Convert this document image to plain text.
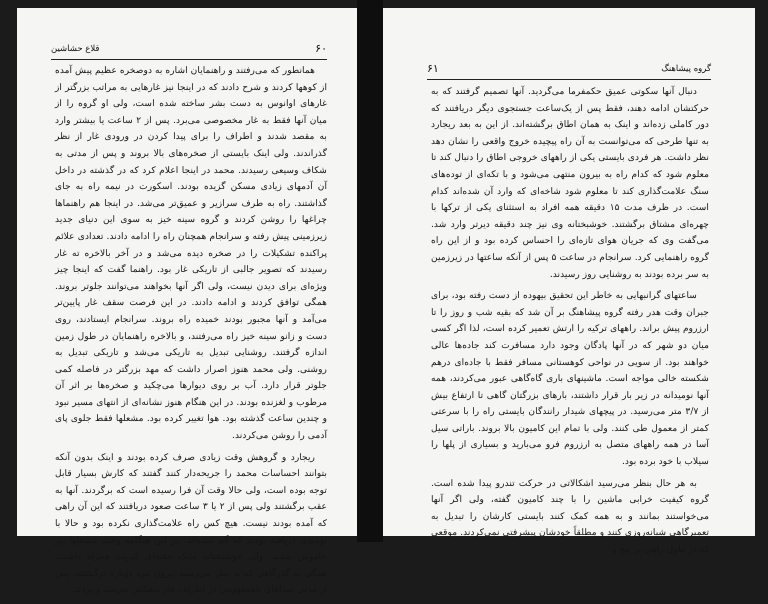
۶۰
قلاع حشاشین

همانطور که می‌رفتند و راهنمایان اشاره به دوصخره عظیم پیش آمده از کوهها کردند و شرح دادند که در اینجا نیز غارهایی به مراتب بزرگتر از غارهای اوانوس به دست بشر ساخته شده است، ولی او گروه را از میان آنها فقط به غار مخصوصی می‌برد. پس از ۲ ساعت یا بیشتر وارد به مقصد شدند و اطراف را برای پیدا کردن در ورودی غار از نظر گذراندند. ولی اینک بایستی از صخره‌های بالا بروند و پس از مدتی به شکاف وسیعی رسیدند. محمد در اینجا اعلام کرد که در گذشته در داخل آن آدمهای زیادی مسکن گزیده بودند. اسکورت در نیمه راه به جای گذاشتند. راه به طرف سرازیر و عمیق‌تر می‌شد. در اینجا هم راهنماها چراغها را روشن کردند و گروه سینه خیز به سوی این دنیای جدید زیرزمینی پیش رفته و سرانجام همچنان راه را ادامه دادند. تعدادی علائم پراکنده تشکیلات را در صخره دیده می‌شد و در آخر بالاخره ته غار رسیدند که تصویر جالبی از تاریکی غار بود. راهنما گفت که اینجا چیز ویژه‌ای برای دیدن نیست، ولی اگر آنها بخواهند می‌توانند جلوتر بروند. همگی توافق کردند و ادامه دادند. در این فرصت سقف غار پایین‌تر می‌آمد و آنها مجبور بودند خمیده راه بروند. سرانجام ایستادند، روی دست و زانو سینه خیز راه می‌رفتند، و بالاخره راهنمایان در طول زمین اندازه گرفتند. روشنایی تبدیل به تاریکی می‌شد و تاریکی تبدیل به روشنی. ولی محمد هنوز اصرار داشت که مهد بزرگتر در فاصله کمی جلوتر قرار دارد. آب بر روی دیوارها می‌چکید و صخره‌ها بر اثر آن مرطوب و لغزنده بودند. در این هنگام هنوز نشانه‌ای از انتهای مسیر نبود و چندین ساعت گذشته بود. هوا تغییر کرده بود. مشعلها فقط جلوی پای آدمی را روشن می‌کردند.

ریجارد و گروهش وقت زیادی صرف کرده بودند و اینک بدون آنکه بتوانند احساسات محمد را جریحه‌دار کنند گفتند که کارش بسیار قابل توجه بوده است، ولی حالا وقت آن فرا رسیده است که برگردند. آنها به عقب برگشتند ولی پس از ۲ یا ۳ ساعت صعود دریافتند که این آن راهی که آمده بودند نیست. هیچ کس راه علامت‌گذاری نکرده بود و حالا با نومیدی دریافته بودند که گم شده‌اند. در این هنگامه وحیم مشعلها نیز خاموش شدند. ولی خوشبختانه مایک جعبه‌ای کبریت همراه داشت. همگی به گذرگاهی که به نظر می‌رسید بیرون ببرد دوباره برگشتند. پس از مدتی صداهای ناهمفهومی در اطراف غار منعکس می‌شد و بردند.

۶۱	گروه پیشاهنگ

دنبال آنها سکوتی عمیق حکمفرما می‌گردید. آنها تصمیم گرفتند که به حرکتشان ادامه دهند، فقط پس از یک‌ساعت جستجوی دیگر دریافتند که دور کاملی زده‌اند و اینک به همان اطاق برگشته‌اند. از این به بعد ریجارد به تنها طرحی که می‌توانست به آن راه پیچیده خروج واقعی را نشان دهد نظر داشت. هر فردی بایستی یکی از راههای خروجی اطاق را دنبال کند تا معلوم شود که کدام راه به بیرون منتهی می‌شود و با تکه‌ای از توده‌های سنگ علامت‌گذاری کند تا معلوم شود شاخه‌ای که وارد آن شده‌اند کدام است. در ظرف مدت ۱۵ دقیقه همه افراد به استثنای یکی از ترکها با چهره‌ای مشتاق برگشتند. خوشبختانه وی نیز چند دقیقه دیرتر وارد شد. می‌گفت وی که جریان هوای تازه‌ای را احساس کرده بود و از این راه گروه راهنمایی کرد. سرانجام در ساعت ۵ پس از آنکه ساعتها در زیرزمین به سر برده بودند به روشنایی روز رسیدند.

ساعتهای گرانبهایی به خاطر این تحقیق بیهوده از دست رفته بود، برای جبران وقت هدر رفته گروه پیشاهنگ بر آن شد که بقیه شب و روز را تا ارزروم پیش براند. راههای ترکیه را ارتش تعمیر کرده است، لذا اگر کسی میان دو شهر که در آنها پادگان وجود دارد مسافرت کند جاده‌ها عالی خواهند بود. از سویی در نواحی کوهستانی مسافر فقط با جاده‌ای درهم شکسته خالی مواجه است. ماشینهای باری گاه‌گاهی عبور می‌کردند، همه آنها نومیدانه در زیر بار قرار داشتند، بارهای بزرگتان گاهی تا ارتفاع بیش از ۳/۷ متر می‌رسید. در پیچهای شیدار رانندگان بایستی راه را با سرعتی کمتر از معمول طی کنند. ولی با تمام این کامیون بالا بروند. باراتی سیل آسا در همه راههای متصل به ارزروم فرو می‌بارید و بسیاری از پلها را سیلاب با خود برده بود.

به هر حال بنظر می‌رسید اشکالاتی در حرکت تندرو پیدا شده است. گروه کیفیت خرابی ماشین را با چند کامیون گفته، ولی اگر آنها می‌خواستند بمانند و به همه کمک کنند بایستی کارشان را تبدیل به تعمیرگاهی شبانه‌روزی کنند و مطلقاً خودشان پیشرفتی نمی‌کردند. موقعی که در طول راهی پر پیچ و
